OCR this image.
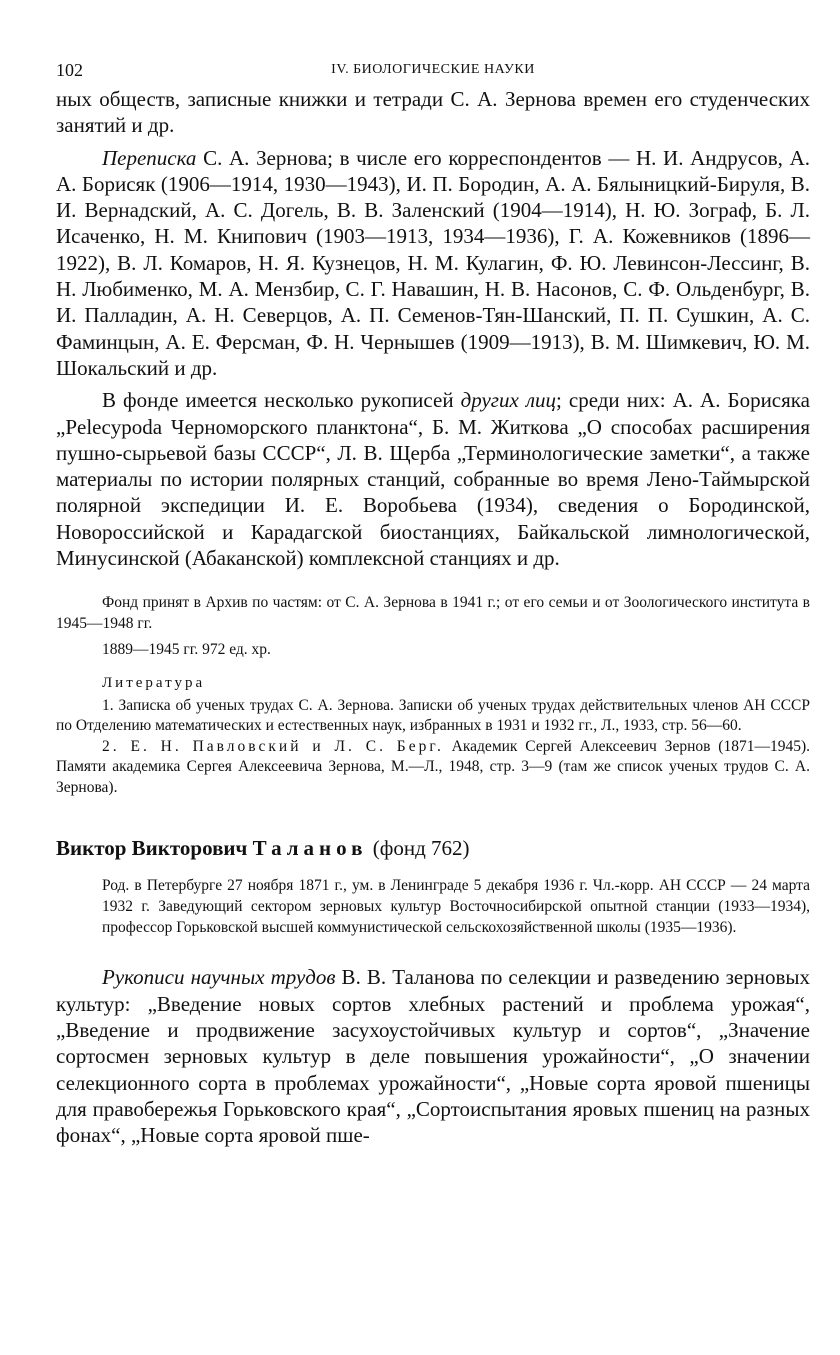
102	IV. БИОЛОГИЧЕСКИЕ НАУКИ

ных обществ, записные книжки и тетради С. А. Зернова времен его студенческих занятий и др.

Переписка С. А. Зернова; в числе его корреспондентов — Н. И. Андрусов, А. А. Борисяк (1906—1914, 1930—1943), И. П. Бородин, А. А. Бялыницкий-Бируля, В. И. Вернадский, А. С. Догель, В. В. Заленский (1904—1914), Н. Ю. Зограф, Б. Л. Исаченко, Н. М. Книпович (1903—1913, 1934—1936), Г. А. Кожевников (1896—1922), В. Л. Комаров, Н. Я. Кузнецов, Н. М. Кулагин, Ф. Ю. Левинсон-Лессинг, В. Н. Любименко, М. А. Мензбир, С. Г. Навашин, Н. В. Насонов, С. Ф. Ольденбург, В. И. Палладин, А. Н. Северцов, А. П. Семенов-Тян-Шанский, П. П. Сушкин, А. С. Фаминцын, А. Е. Ферсман, Ф. Н. Чернышев (1909—1913), В. М. Шимкевич, Ю. М. Шокальский и др.

В фонде имеется несколько рукописей других лиц; среди них: А. А. Борисяка „Pelecypoda Черноморского планктона“, Б. М. Житкова „О способах расширения пушно-сырьевой базы СССР“, Л. В. Щерба „Терминологические заметки“, а также материалы по истории полярных станций, собранные во время Лено-Таймырской полярной экспедиции И. Е. Воробьева (1934), сведения о Бородинской, Новороссийской и Карадагской биостанциях, Байкальской лимнологической, Минусинской (Абаканской) комплексной станциях и др.

Фонд принят в Архив по частям: от С. А. Зернова в 1941 г.; от его семьи и от Зоологического института в 1945—1948 гг.

1889—1945 гг. 972 ед. хр.

Литература

1. Записка об ученых трудах С. А. Зернова. Записки об ученых трудах действительных членов АН СССР по Отделению математических и естественных наук, избранных в 1931 и 1932 гг., Л., 1933, стр. 56—60.

2. Е. Н. Павловский и Л. С. Берг. Академик Сергей Алексеевич Зернов (1871—1945). Памяти академика Сергея Алексеевича Зернова, М.—Л., 1948, стр. 3—9 (там же список ученых трудов С. А. Зернова).

Виктор Викторович Таланов (фонд 762)

Род. в Петербурге 27 ноября 1871 г., ум. в Ленинграде 5 декабря 1936 г. Чл.-корр. АН СССР — 24 марта 1932 г. Заведующий сектором зерновых культур Восточносибирской опытной станции (1933—1934), профессор Горьковской высшей коммунистической сельскохозяйственной школы (1935—1936).

Рукописи научных трудов В. В. Таланова по селекции и разведению зерновых культур: „Введение новых сортов хлебных растений и проблема урожая“, „Введение и продвижение засухоустойчивых культур и сортов“, „Значение сортосмен зерновых культур в деле повышения урожайности“, „О значении селекционного сорта в проблемах урожайности“, „Новые сорта яровой пшеницы для правобережья Горьковского края“, „Сортоиспытания яровых пшениц на разных фонах“, „Новые сорта яровой пше-
